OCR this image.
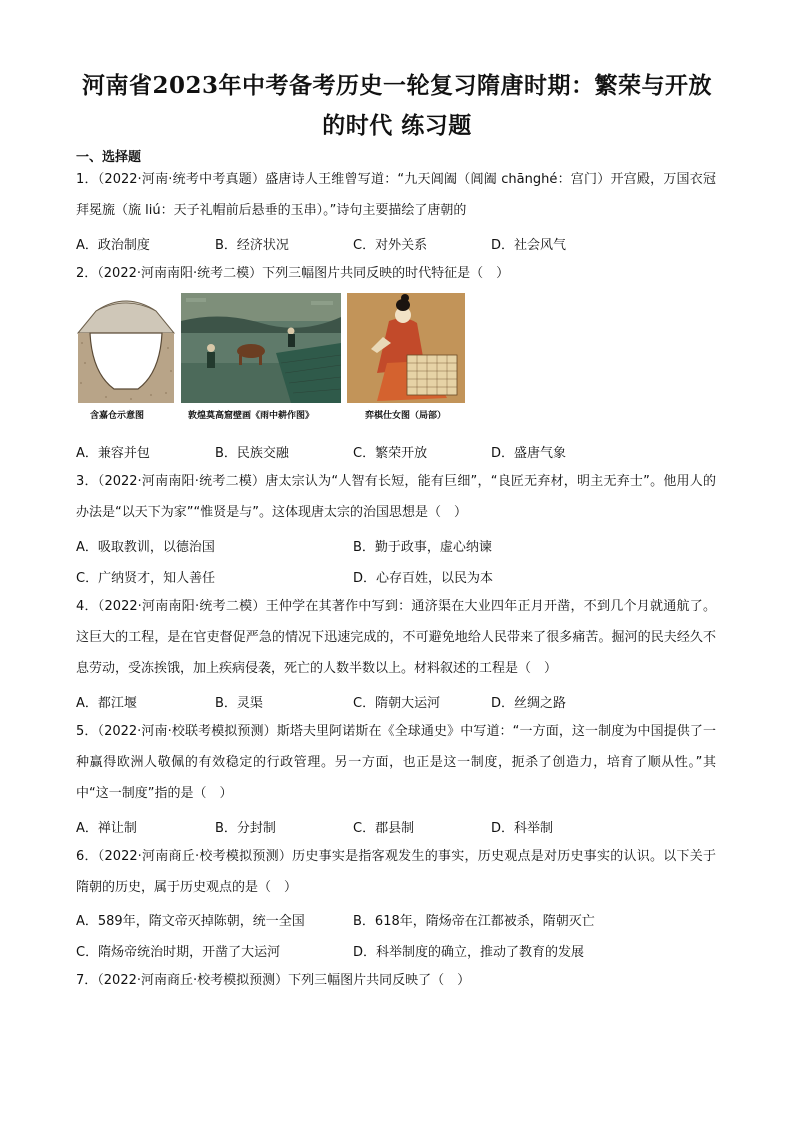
河南省2023年中考备考历史一轮复习隋唐时期：繁荣与开放
的时代 练习题
一、选择题
1．（2022·河南·统考中考真题）盛唐诗人王维曾写道：“九天阊阖（阊阖 chānghé：宫门）开宫殿，万国衣冠拜冕旒（旒 liú：天子礼帽前后悬垂的玉串）。”诗句主要描绘了唐朝的
A．政治制度	B．经济状况	C．对外关系	D．社会风气
2．（2022·河南南阳·统考二模）下列三幅图片共同反映的时代特征是（　）
含嘉仓示意图	敦煌莫高窟壁画《雨中耕作图》	弈棋仕女图（局部）
A．兼容并包	B．民族交融	C．繁荣开放	D．盛唐气象
3．（2022·河南南阳·统考二模）唐太宗认为“人智有长短，能有巨细”，“良匠无弃材，明主无弃士”。他用人的办法是“以天下为家”“惟贤是与”。这体现唐太宗的治国思想是（　）
A．吸取教训，以德治国	B．勤于政事，虚心纳谏
C．广纳贤才，知人善任	D．心存百姓，以民为本
4．（2022·河南南阳·统考二模）王仲学在其著作中写到：通济渠在大业四年正月开凿，不到几个月就通航了。这巨大的工程，是在官吏督促严急的情况下迅速完成的，不可避免地给人民带来了很多痛苦。掘河的民夫经久不息劳动，受冻挨饿，加上疾病侵袭，死亡的人数半数以上。材料叙述的工程是（　）
A．都江堰	B．灵渠	C．隋朝大运河	D．丝绸之路
5．（2022·河南·校联考模拟预测）斯塔夫里阿诺斯在《全球通史》中写道：“一方面，这一制度为中国提供了一种赢得欧洲人敬佩的有效稳定的行政管理。另一方面，也正是这一制度，扼杀了创造力，培育了顺从性。”其中“这一制度”指的是（　）
A．禅让制	B．分封制	C．郡县制	D．科举制
6．（2022·河南商丘·校考模拟预测）历史事实是指客观发生的事实，历史观点是对历史事实的认识。以下关于隋朝的历史，属于历史观点的是（　）
A．589年，隋文帝灭掉陈朝，统一全国	B．618年，隋炀帝在江都被杀，隋朝灭亡
C．隋炀帝统治时期，开凿了大运河	D．科举制度的确立，推动了教育的发展
7．（2022·河南商丘·校考模拟预测）下列三幅图片共同反映了（　）
